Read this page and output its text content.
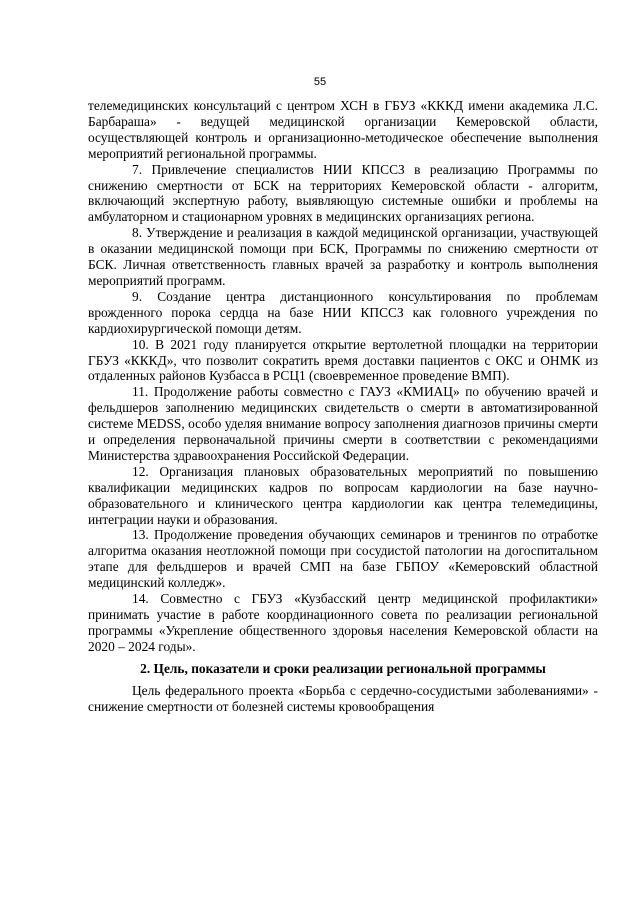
55

телемедицинских консультаций с центром ХСН в ГБУЗ «КККД имени академика Л.С. Барбараша» - ведущей медицинской организации Кемеровской области, осуществляющей контроль и организационно-методическое обеспечение выполнения мероприятий региональной программы.

7. Привлечение специалистов НИИ КПССЗ в реализацию Программы по снижению смертности от БСК на территориях Кемеровской области - алгоритм, включающий экспертную работу, выявляющую системные ошибки и проблемы на амбулаторном и стационарном уровнях в медицинских организациях региона.

8. Утверждение и реализация в каждой медицинской организации, участвующей в оказании медицинской помощи при БСК, Программы по снижению смертности от БСК. Личная ответственность главных врачей за разработку и контроль выполнения мероприятий программ.

9. Создание центра дистанционного консультирования по проблемам врожденного порока сердца на базе НИИ КПССЗ как головного учреждения по кардиохирургической помощи детям.

10. В 2021 году планируется открытие вертолетной площадки на территории ГБУЗ «КККД», что позволит сократить время доставки пациентов с ОКС и ОНМК из отдаленных районов Кузбасса в РСЦ1 (своевременное проведение ВМП).

11. Продолжение работы совместно с ГАУЗ «КМИАЦ» по обучению врачей и фельдшеров заполнению медицинских свидетельств о смерти в автоматизированной системе MEDSS, особо уделяя внимание вопросу заполнения диагнозов причины смерти и определения первоначальной причины смерти в соответствии с рекомендациями Министерства здравоохранения Российской Федерации.

12. Организация плановых образовательных мероприятий по повышению квалификации медицинских кадров по вопросам кардиологии на базе научно-образовательного и клинического центра кардиологии как центра телемедицины, интеграции науки и образования.

13. Продолжение проведения обучающих семинаров и тренингов по отработке алгоритма оказания неотложной помощи при сосудистой патологии на догоспитальном этапе для фельдшеров и врачей СМП на базе ГБПОУ «Кемеровский областной медицинский колледж».

14. Совместно с ГБУЗ «Кузбасский центр медицинской профилактики» принимать участие в работе координационного совета по реализации региональной программы «Укрепление общественного здоровья населения Кемеровской области на 2020 – 2024 годы».

2. Цель, показатели и сроки реализации региональной программы

Цель федерального проекта «Борьба с сердечно-сосудистыми заболеваниями» - снижение смертности от болезней системы кровообращения
